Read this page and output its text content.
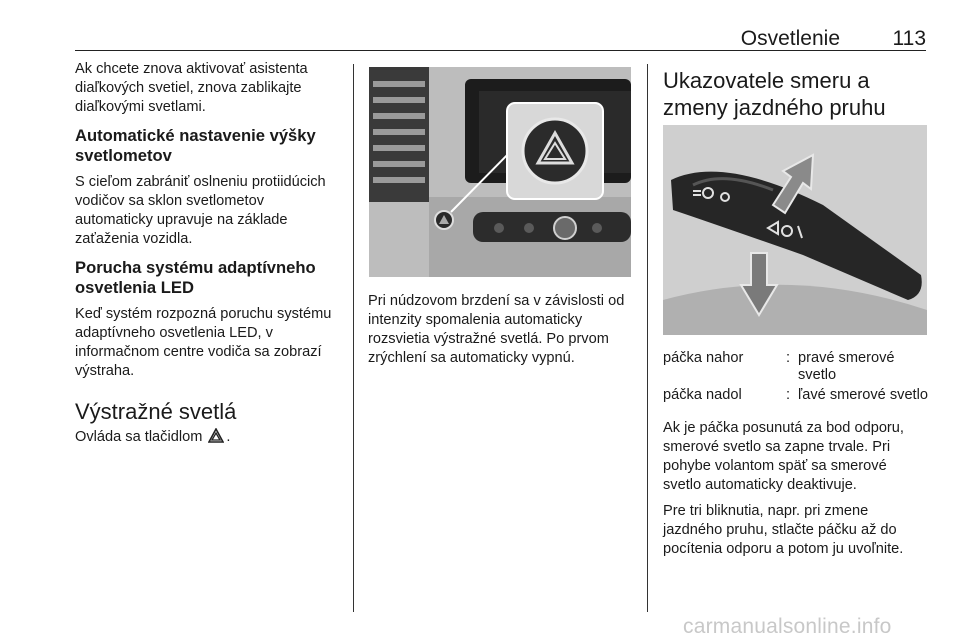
Osvetlenie	113

Ak chcete znova aktivovať asistenta diaľkových svetiel, znova zablikajte diaľkovými svetlami.

Automatické nastavenie výšky svetlometov

S cieľom zabrániť oslneniu protiidúcich vodičov sa sklon svetlometov automaticky upravuje na základe zaťaženia vozidla.

Porucha systému adaptívneho osvetlenia LED

Keď systém rozpozná poruchu systému adaptívneho osvetlenia LED, v informačnom centre vodiča sa zobrazí výstraha.

Výstražné svetlá

Ovláda sa tlačidlom .

Pri núdzovom brzdení sa v závislosti od intenzity spomalenia automaticky rozsvietia výstražné svetlá. Po prvom zrýchlení sa automaticky vypnú.

Ukazovatele smeru a zmeny jazdného pruhu
páčka nahor	:	pravé smerové svetlo

páčka nadol	:	ľavé smerové svetlo

Ak je páčka posunutá za bod odporu, smerové svetlo sa zapne trvale. Pri pohybe volantom späť sa smerové svetlo automaticky deaktivuje.

Pre tri bliknutia, napr. pri zmene jazdného pruhu, stlačte páčku až do pocítenia odporu a potom ju uvoľnite.

carmanualsonline.info
